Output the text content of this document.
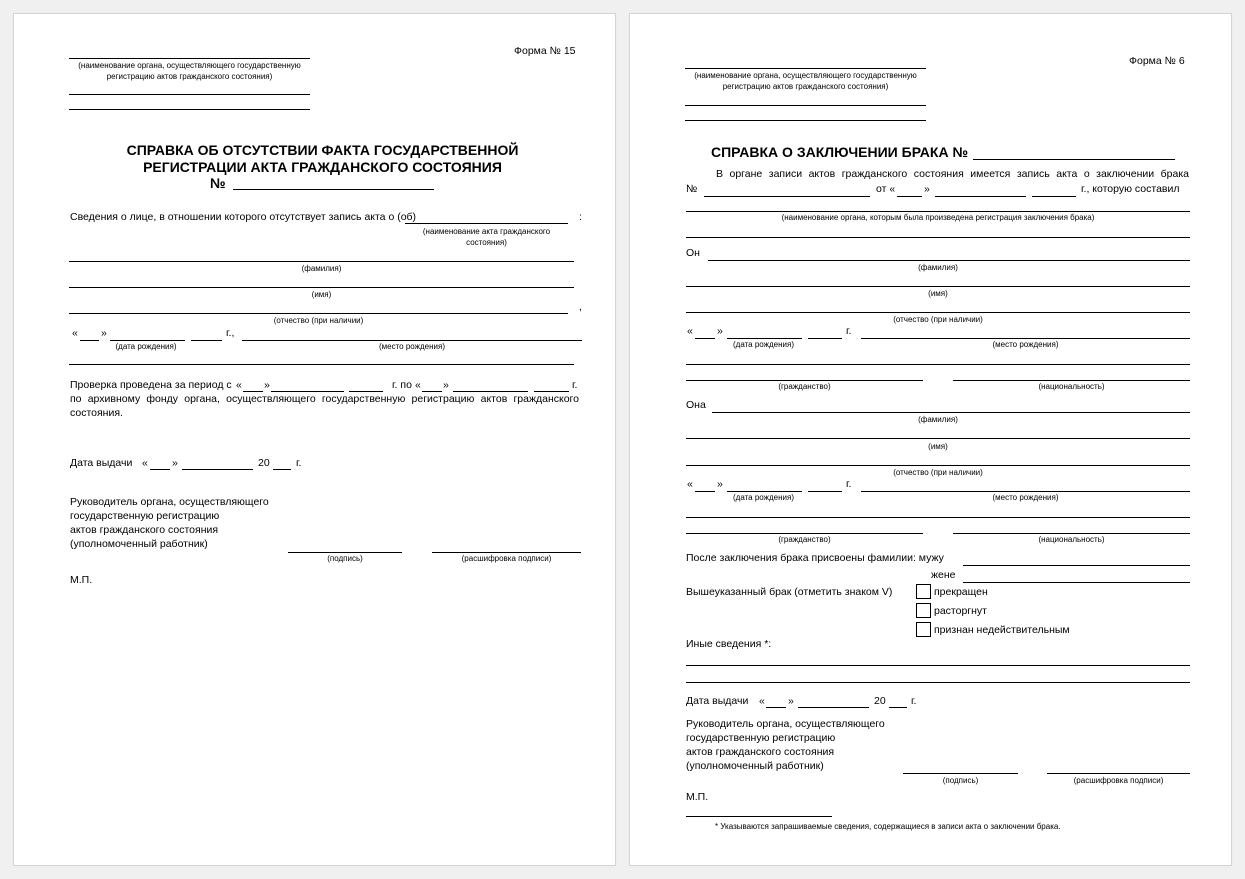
Форма № 15
(наименование органа, осуществляющего государственную регистрацию актов гражданского состояния)
СПРАВКА ОБ ОТСУТСТВИИ ФАКТА ГОСУДАРСТВЕННОЙ
РЕГИСТРАЦИИ АКТА ГРАЖДАНСКОГО СОСТОЯНИЯ
№
Сведения о лице, в отношении которого отсутствует запись акта о (об)	:
(наименование акта гражданского состояния)
(фамилия)
(имя)
,
(отчество (при наличии)
« »	г.,
(дата рождения)	(место рождения)
Проверка проведена за период с « »	г. по « »	г.
по архивному фонду органа, осуществляющего государственную регистрацию актов гражданского
состояния.
Дата выдачи « »	20	г.
Руководитель органа, осуществляющего
государственную регистрацию
актов гражданского состояния
(уполномоченный работник)
(подпись)	(расшифровка подписи)
М.П.
Форма № 6
(наименование органа, осуществляющего государственную регистрацию актов гражданского состояния)
СПРАВКА О ЗАКЛЮЧЕНИИ БРАКА №
В органе записи актов гражданского состояния имеется запись акта о заключении брака
№	от «	»	г., которую составил
(наименование органа, которым была произведена регистрация заключения брака)
Он
(фамилия)
(имя)
(отчество (при наличии)
« »	г.
(дата рождения)	(место рождения)
(гражданство)	(национальность)
Она
(фамилия)
(имя)
(отчество (при наличии)
« »	г.
(дата рождения)	(место рождения)
(гражданство)	(национальность)
После заключения брака присвоены фамилии: мужу
жене
Вышеуказанный брак (отметить знаком V)	прекращен
расторгнут
признан недействительным
Иные сведения *:
Дата выдачи « »	20 г.
Руководитель органа, осуществляющего
государственную регистрацию
актов гражданского состояния
(уполномоченный работник)
(подпись)	(расшифровка подписи)
М.П.
* Указываются запрашиваемые сведения, содержащиеся в записи акта о заключении брака.
